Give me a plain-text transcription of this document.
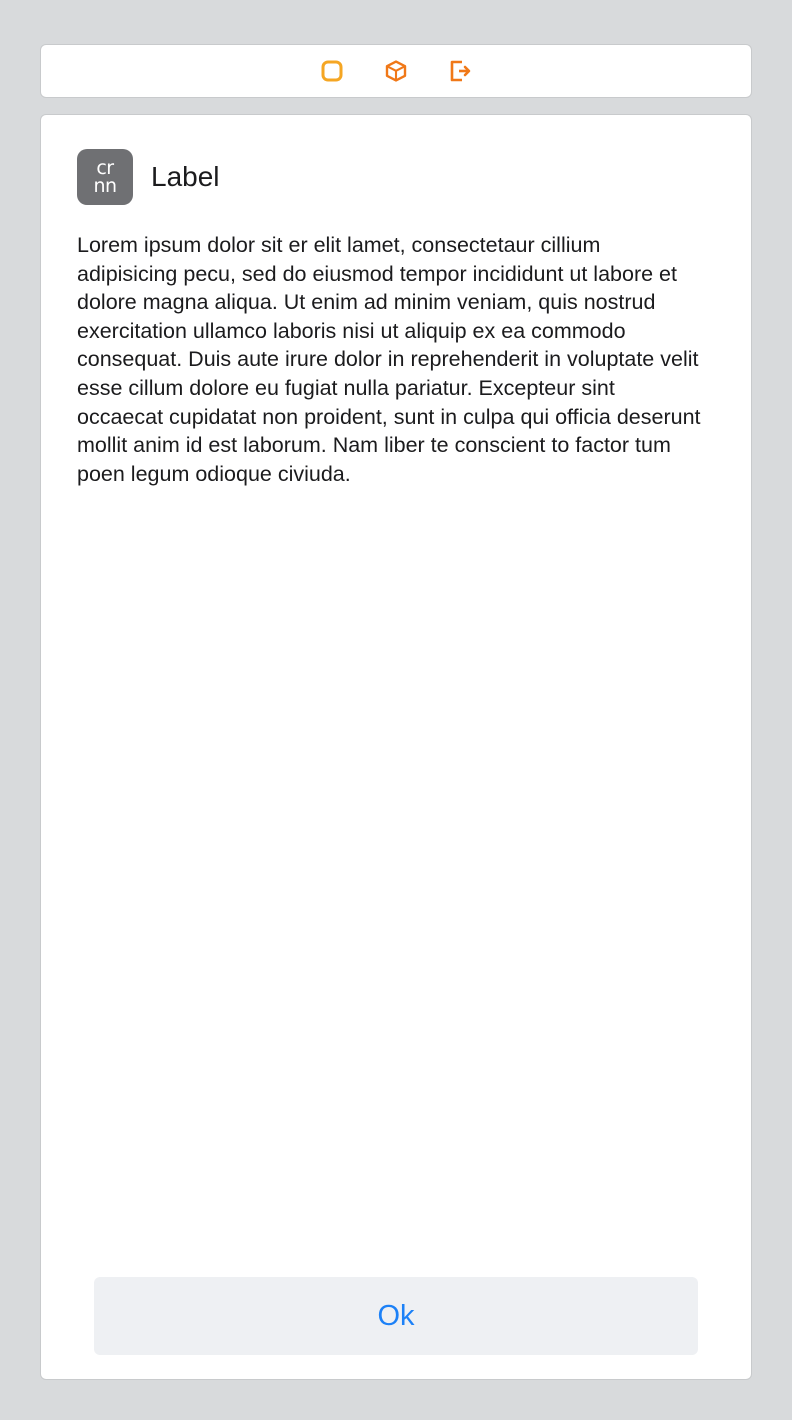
cr
nn Label
Lorem ipsum dolor sit er elit lamet, consectetaur cillium adipisicing pecu, sed do eiusmod tempor incididunt ut labore et dolore magna aliqua. Ut enim ad minim veniam, quis nostrud exercitation ullamco laboris nisi ut aliquip ex ea commodo consequat. Duis aute irure dolor in reprehenderit in voluptate velit esse cillum dolore eu fugiat nulla pariatur. Excepteur sint occaecat cupidatat non proident, sunt in culpa qui officia deserunt mollit anim id est laborum. Nam liber te conscient to factor tum poen legum odioque civiuda.
Ok
